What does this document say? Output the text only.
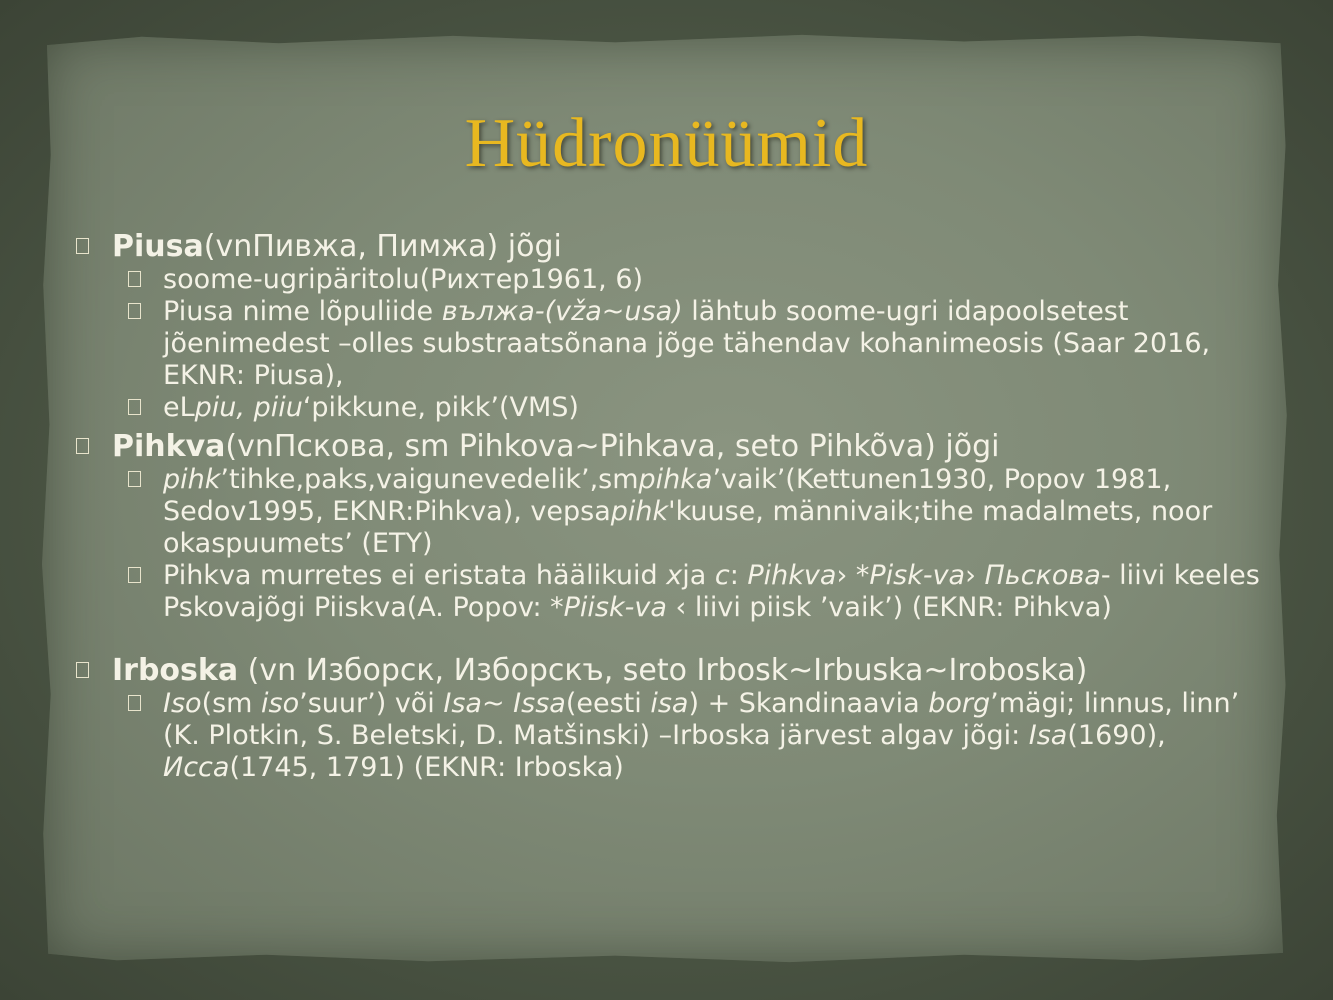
Hüdronüümid
Piusa(vnПивжа, Пимжа) jõgi
soome-ugripäritolu(Рихтер1961, 6)
Piusa nime lõpuliide вължа-(vža~usa) lähtub soome-ugri idapoolsetest jõenimedest –olles substraatsõnana jõge tähendav kohanimeosis (Saar 2016, EKNR: Piusa),
eLpiu, piiu‘pikkune, pikk’(VMS)
Pihkva(vnПскова, sm Pihkova~Pihkava, seto Pihkõva) jõgi
pihk’tihke,paks,vaigunevedelik’,smpihka’vaik’(Kettunen1930, Popov 1981, Sedov1995, EKNR:Pihkva), vepsapihk'kuuse, männivaik;tihe madalmets, noor okaspuumets’ (ETY)
Pihkva murretes ei eristata häälikuid xja c: Pihkva› *Pisk-va› Пьскова- liivi keeles Pskovajõgi Piiskva(A. Popov: *Piisk-va ‹ liivi piisk ’vaik’) (EKNR: Pihkva)
Irboska (vn Изборск, Изборскъ, seto Irbosk~Irbuska~Iroboska)
Iso(sm iso’suur’) või Isa~ Issa(eesti isa) + Skandinaavia borg’mägi; linnus, linn’ (K. Plotkin, S. Beletski, D. Matšinski) –Irboska järvest algav jõgi: Isa(1690), Исса(1745, 1791) (EKNR: Irboska)
